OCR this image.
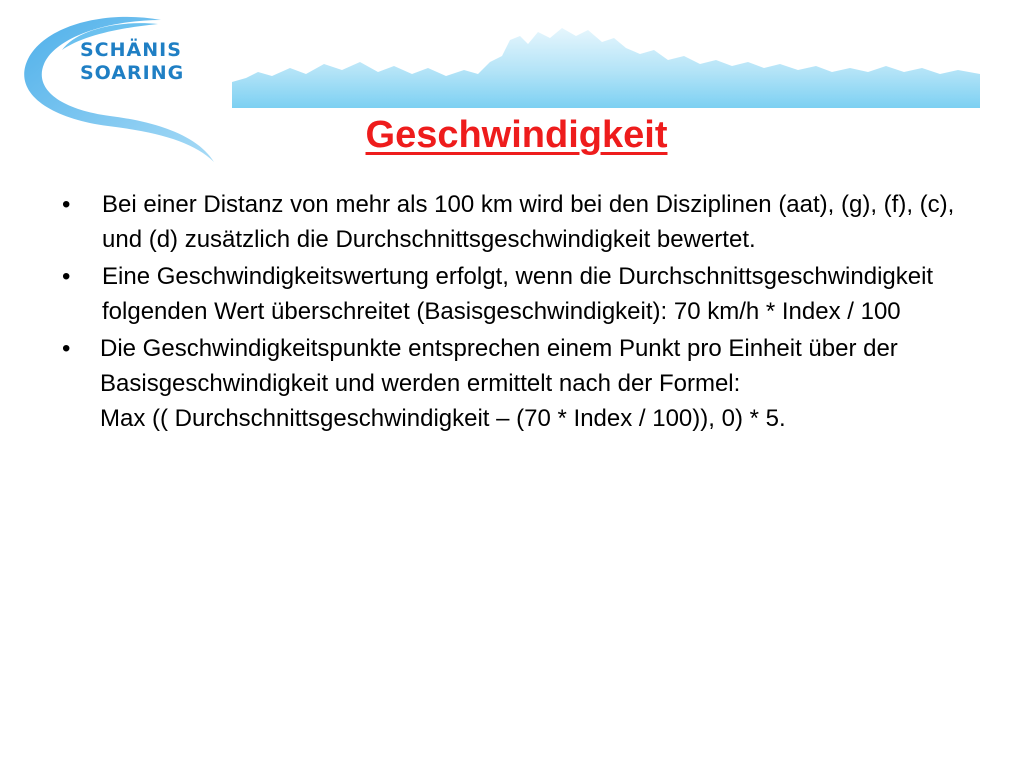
SCHÄNIS
SOARING
Geschwindigkeit
• Bei einer Distanz von mehr als 100 km wird bei den Disziplinen (aat), (g), (f), (c), und (d) zusätzlich die Durchschnittsgeschwindigkeit bewertet.
• Eine Geschwindigkeitswertung erfolgt, wenn die Durchschnittsgeschwindigkeit folgenden Wert überschreitet (Basisgeschwindigkeit): 70 km/h * Index / 100
• Die Geschwindigkeitspunkte entsprechen einem Punkt pro Einheit über der Basisgeschwindigkeit und werden ermittelt nach der Formel:
Max (( Durchschnittsgeschwindigkeit – (70 * Index / 100)), 0) * 5.
